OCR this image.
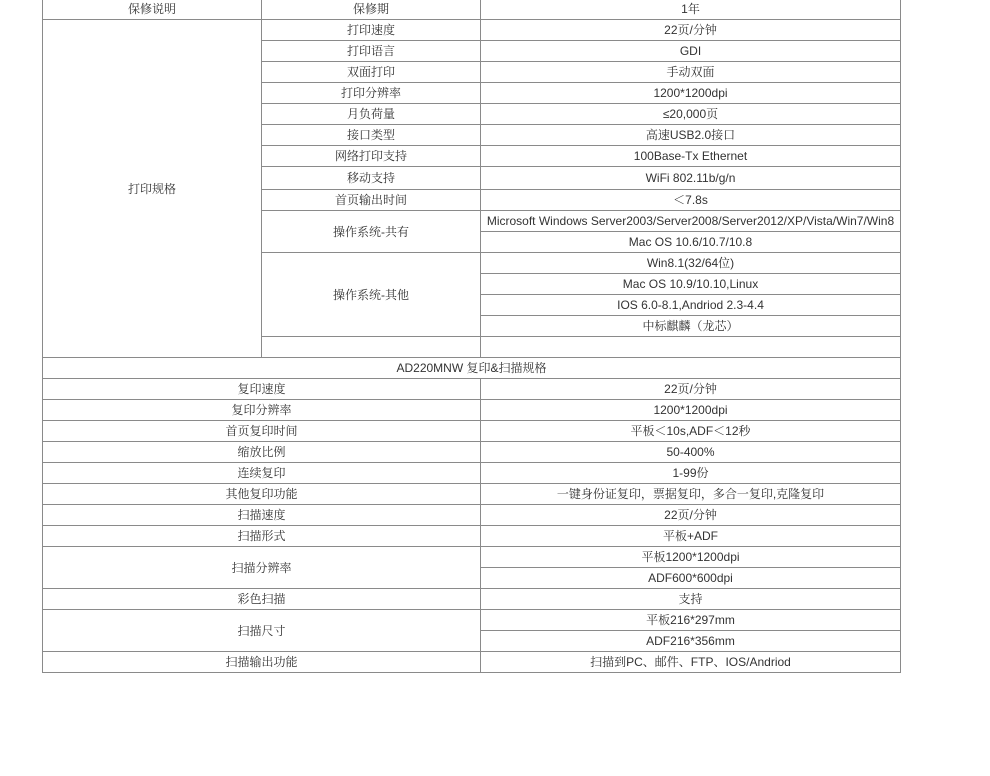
保修说明	保修期	1年	
打印规格	打印速度	22页/分钟	
	打印语言	GDI	
	双面打印	手动双面	
	打印分辨率	1200*1200dpi	
	月负荷量	≤20,000页	
	接口类型	高速USB2.0接口	
	网络打印支持	100Base-Tx Ethernet	
	移动支持	WiFi 802.11b/g/n	
	首页输出时间	＜7.8s	
	操作系统-共有	Microsoft Windows Server2003/Server2008/Server2012/XP/Vista/Win7/Win8	
		Mac OS 10.6/10.7/10.8	
	操作系统-其他	Win8.1(32/64位)	
		Mac OS 10.9/10.10,Linux	
		IOS 6.0-8.1,Andriod 2.3-4.4	
		中标麒麟（龙芯）	

AD220MNW 复印&扫描规格			
复印速度		22页/分钟	
复印分辨率		1200*1200dpi	
首页复印时间		平板＜10s,ADF＜12秒	
缩放比例		50-400%	
连续复印		1-99份	
其他复印功能		一键身份证复印，票据复印，多合一复印,克隆复印	
扫描速度		22页/分钟	
扫描形式		平板+ADF	
扫描分辨率		平板1200*1200dpi	
		ADF600*600dpi	
彩色扫描		支持	
扫描尺寸		平板216*297mm	
		ADF216*356mm	
扫描输出功能		扫描到PC、邮件、FTP、IOS/Andriod	
